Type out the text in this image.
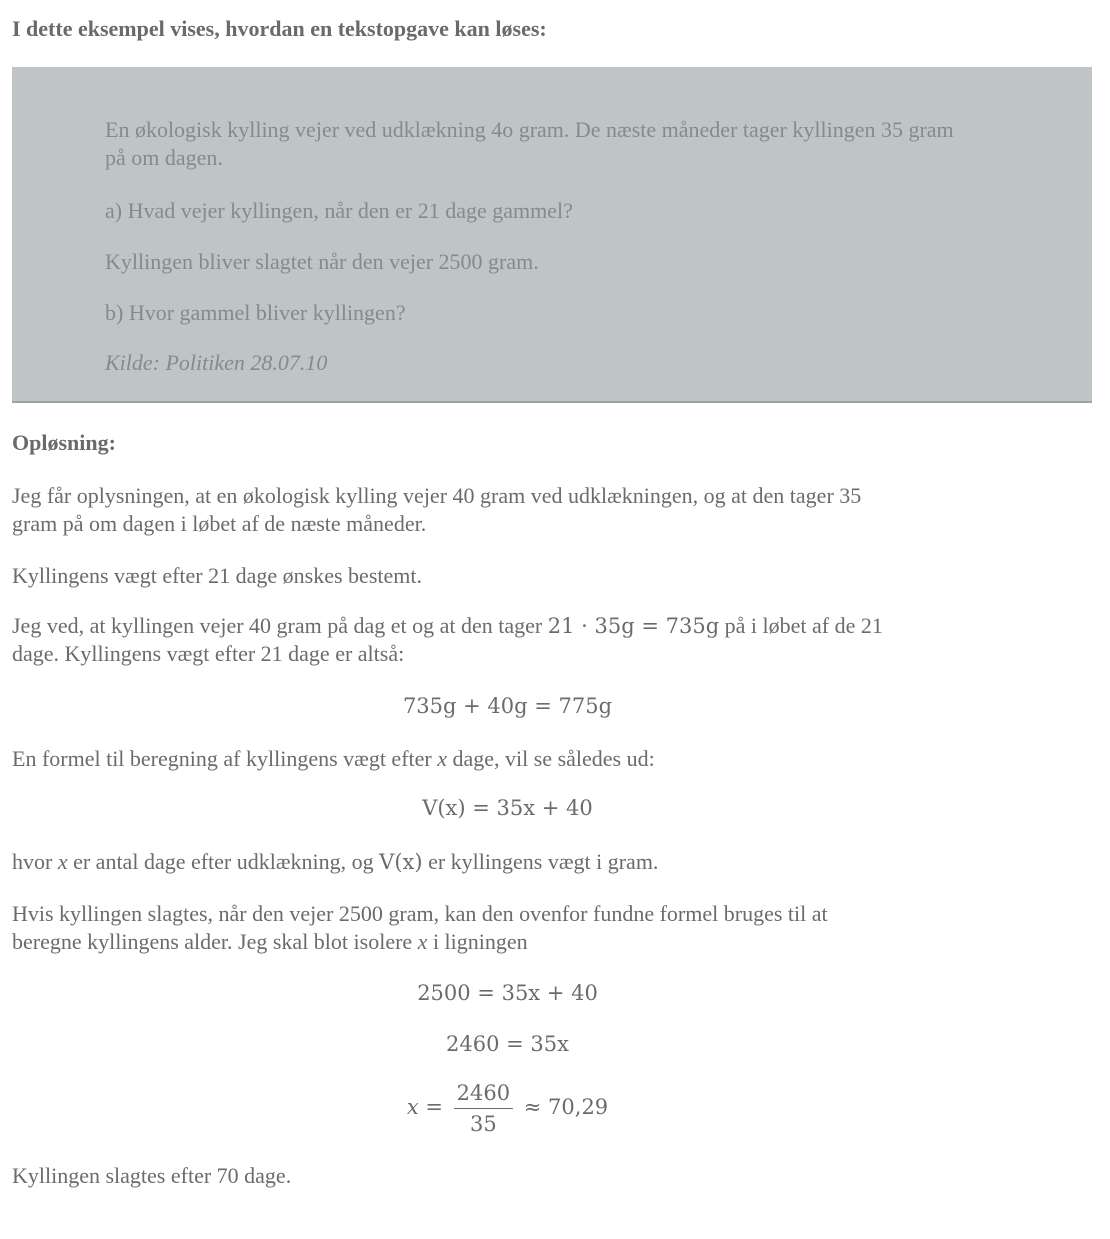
I dette eksempel vises, hvordan en tekstopgave kan løses:
En økologisk kylling vejer ved udklækning 4o gram. De næste måneder tager kyllingen 35 gram
på om dagen.
a) Hvad vejer kyllingen, når den er 21 dage gammel?
Kyllingen bliver slagtet når den vejer 2500 gram.
b) Hvor gammel bliver kyllingen?
Kilde: Politiken 28.07.10
Opløsning:
Jeg får oplysningen, at en økologisk kylling vejer 40 gram ved udklækningen, og at den tager 35
gram på om dagen i løbet af de næste måneder.
Kyllingens vægt efter 21 dage ønskes bestemt.
Jeg ved, at kyllingen vejer 40 gram på dag et og at den tager 21 · 35g = 735g på i løbet af de 21
dage. Kyllingens vægt efter 21 dage er altså:
735g + 40g = 775g
En formel til beregning af kyllingens vægt efter x dage, vil se således ud:
V(x) = 35x + 40
hvor x er antal dage efter udklækning, og V(x) er kyllingens vægt i gram.
Hvis kyllingen slagtes, når den vejer 2500 gram, kan den ovenfor fundne formel bruges til at
beregne kyllingens alder. Jeg skal blot isolere x i ligningen
2500 = 35x + 40
2460 = 35x
$x = \frac{2460}{35} \approx 70,29$
Kyllingen slagtes efter 70 dage.
